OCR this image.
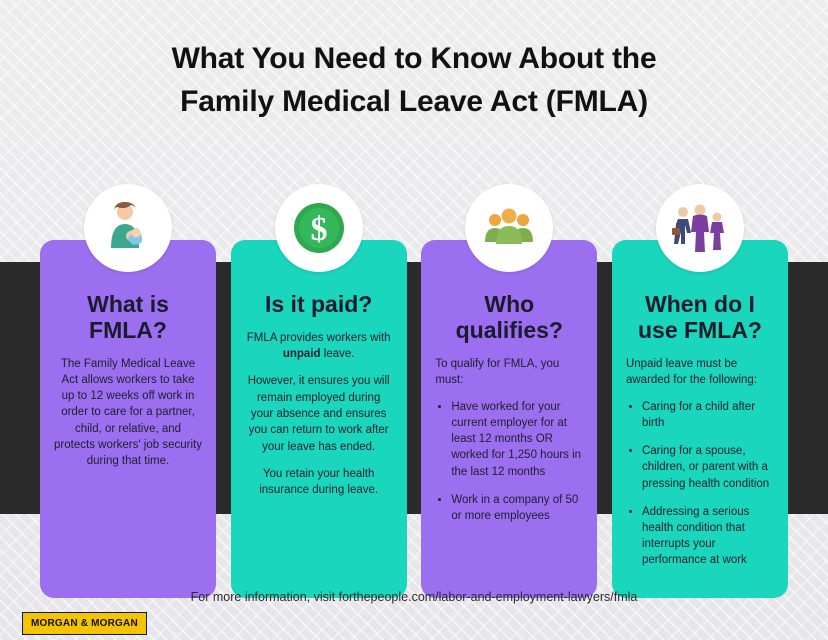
What You Need to Know About the
Family Medical Leave Act (FMLA)
What is
FMLA?

The Family Medical Leave Act allows workers to take up to 12 weeks off work in order to care for a partner, child, or relative, and protects workers' job security during that time.

$
Is it paid?

FMLA provides workers with unpaid leave.

However, it ensures you will remain employed during your absence and ensures you can return to work after your leave has ended.

You retain your health insurance during leave.

Who
qualifies?

To qualify for FMLA, you must:

• Have worked for your current employer for at least 12 months OR worked for 1,250 hours in the last 12 months
• Work in a company of 50 or more employees
When do I
use FMLA?

Unpaid leave must be awarded for the following:

• Caring for a child after birth
• Caring for a spouse, children, or parent with a pressing health condition
• Addressing a serious health condition that interrupts your performance at work
For more information, visit forthepeople.com/labor-and-employment-lawyers/fmla
MORGAN & MORGAN
